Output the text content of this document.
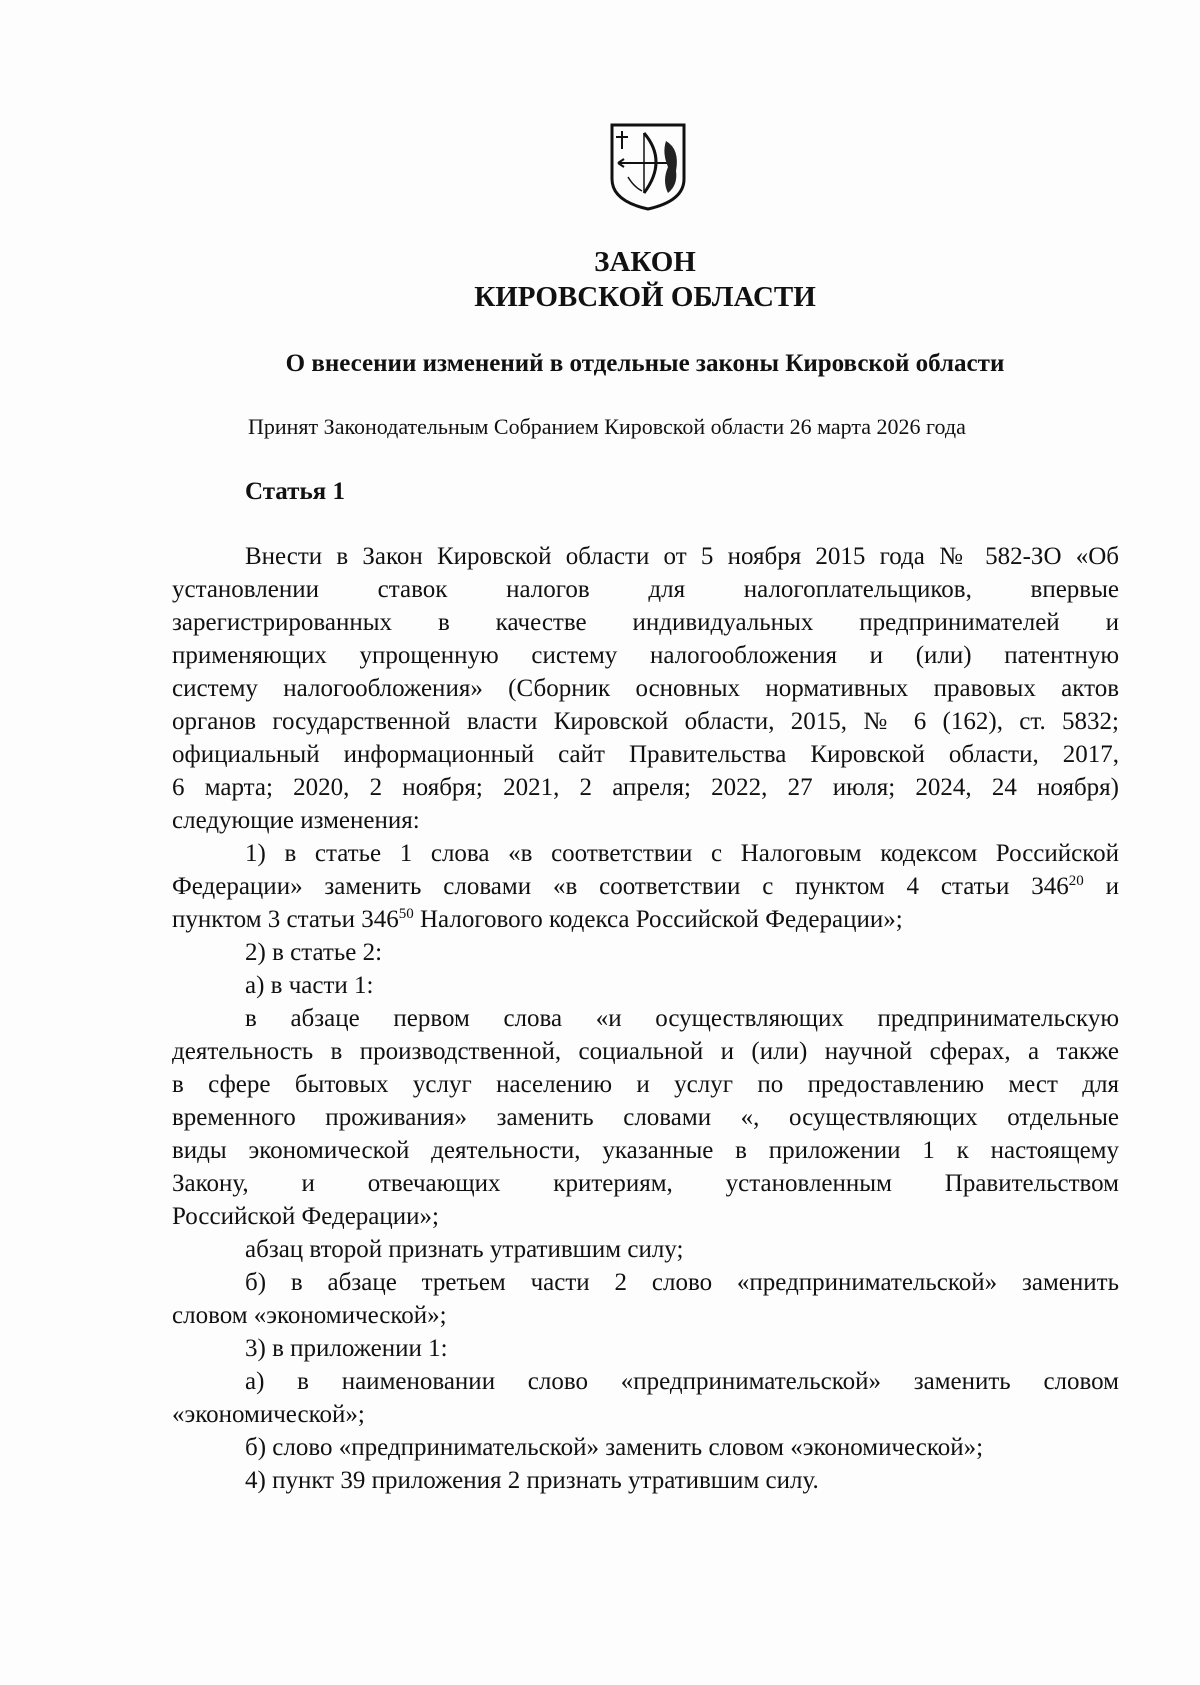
ЗАКОН
КИРОВСКОЙ ОБЛАСТИ
О внесении изменений в отдельные законы Кировской области
Принят Законодательным Собранием Кировской области 26 марта 2026 года
Статья 1

Внести в Закон Кировской области от 5 ноября 2015 года № 582-ЗО «Об

установлении ставок налогов для налогоплательщиков, впервые

зарегистрированных в качестве индивидуальных предпринимателей и

применяющих упрощенную систему налогообложения и (или) патентную

систему налогообложения» (Сборник основных нормативных правовых актов

органов государственной власти Кировской области, 2015, № 6 (162), ст. 5832;

официальный информационный сайт Правительства Кировской области, 2017,

6 марта; 2020, 2 ноября; 2021, 2 апреля; 2022, 27 июля; 2024, 24 ноября)

следующие изменения:

1) в статье 1 слова «в соответствии с Налоговым кодексом Российской

Федерации» заменить словами «в соответствии с пунктом 4 статьи $346^{20}$ и

пунктом 3 статьи $346^{50}$ Налогового кодекса Российской Федерации»;

2) в статье 2:

а) в части 1:

в абзаце первом слова «и осуществляющих предпринимательскую

деятельность в производственной, социальной и (или) научной сферах, а также

в сфере бытовых услуг населению и услуг по предоставлению мест для

временного проживания» заменить словами «, осуществляющих отдельные

виды экономической деятельности, указанные в приложении 1 к настоящему

Закону, и отвечающих критериям, установленным Правительством

Российской Федерации»;

абзац второй признать утратившим силу;

б) в абзаце третьем части 2 слово «предпринимательской» заменить

словом «экономической»;

3) в приложении 1:

а) в наименовании слово «предпринимательской» заменить словом

«экономической»;

б) слово «предпринимательской» заменить словом «экономической»;

4) пункт 39 приложения 2 признать утратившим силу.
